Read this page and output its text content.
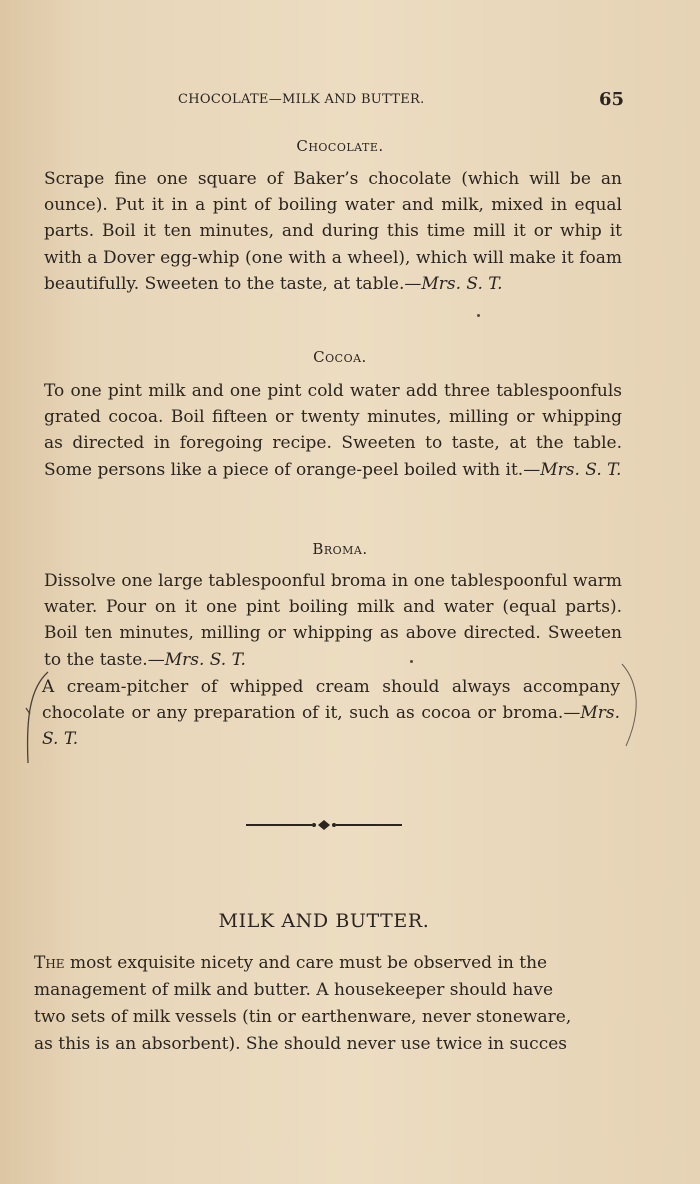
CHOCOLATE—MILK AND BUTTER.	65
Chocolate.
Scrape fine one square of Baker’s chocolate (which will be an ounce). Put it in a pint of boiling water and milk, mixed in equal parts. Boil it ten minutes, and during this time mill it or whip it with a Dover egg-whip (one with a wheel), which will make it foam beautifully. Sweeten to the taste, at table.—Mrs. S. T.
Cocoa.
To one pint milk and one pint cold water add three tablespoonfuls grated cocoa. Boil fifteen or twenty minutes, milling or whipping as directed in foregoing recipe. Sweeten to taste, at the table. Some persons like a piece of orange-peel boiled with it.—Mrs. S. T.
Broma.
Dissolve one large tablespoonful broma in one tablespoonful warm water. Pour on it one pint boiling milk and water (equal parts). Boil ten minutes, milling or whipping as above directed. Sweeten to the taste.—Mrs. S. T.
A cream-pitcher of whipped cream should always accompany chocolate or any preparation of it, such as cocoa or broma.—Mrs. S. T.
MILK AND BUTTER.
The most exquisite nicety and care must be observed in the
management of milk and butter. A housekeeper should have
two sets of milk vessels (tin or earthenware, never stoneware,
as this is an absorbent). She should never use twice in succes
